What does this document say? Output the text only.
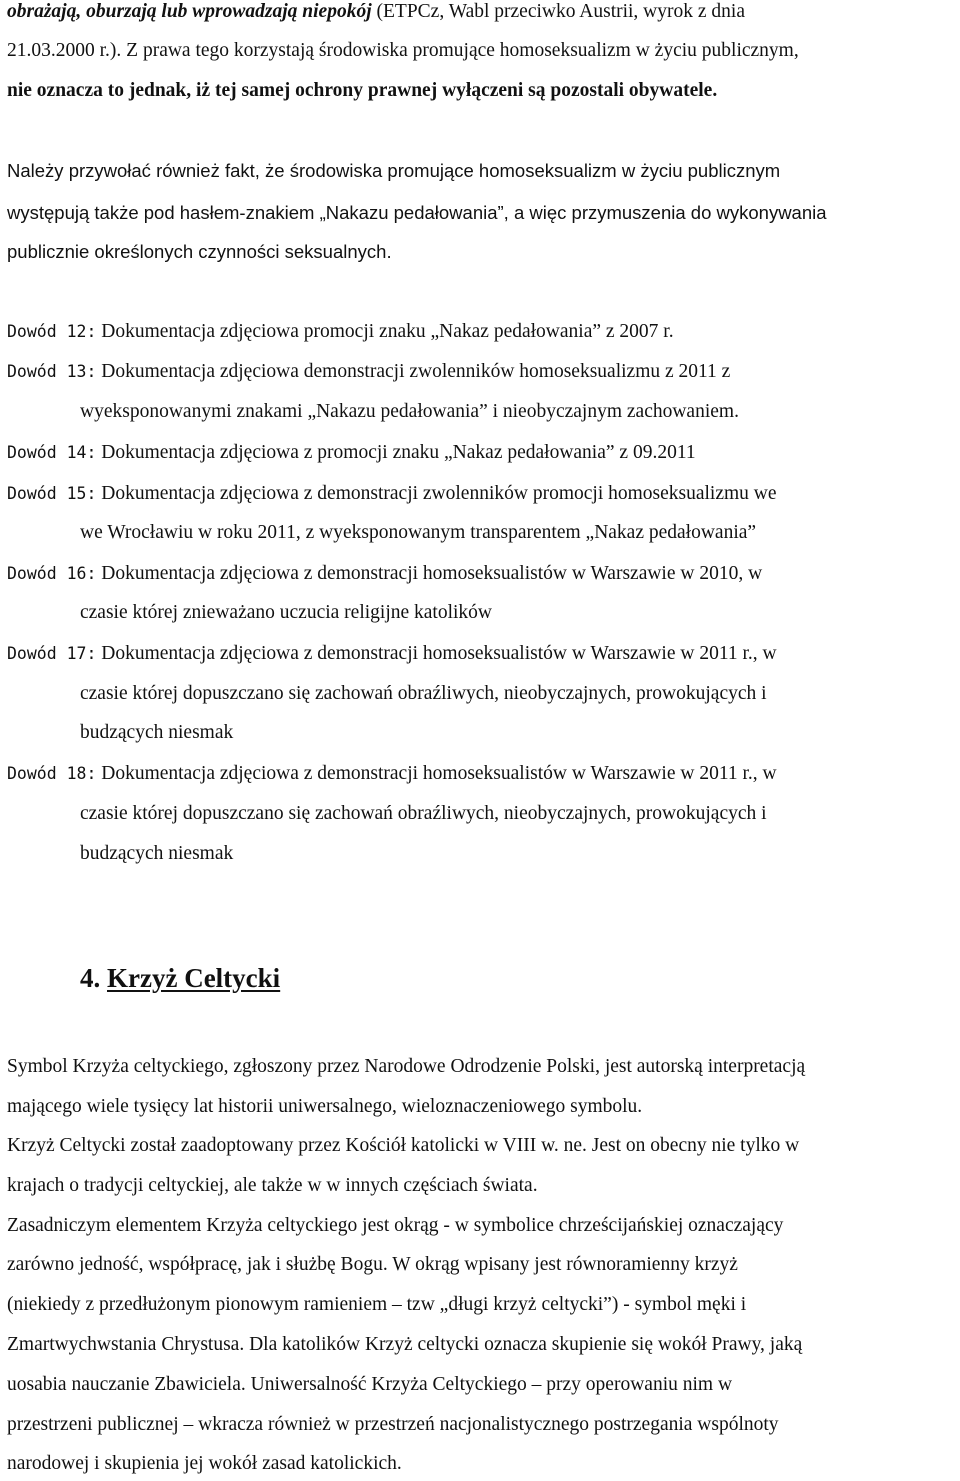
obrażają, oburzają lub wprowadzają niepokój (ETPCz, Wabl przeciwko Austrii, wyrok z dnia
21.03.2000 r.). Z prawa tego korzystają środowiska promujące homoseksualizm w życiu publicznym,
nie oznacza to jednak, iż tej samej ochrony prawnej wyłączeni są pozostali obywatele.
Należy przywołać również fakt, że środowiska promujące homoseksualizm w życiu publicznym
występują także pod hasłem-znakiem „Nakazu pedałowania”, a więc przymuszenia do wykonywania
publicznie określonych czynności seksualnych.
Dowód 12: Dokumentacja zdjęciowa promocji znaku „Nakaz pedałowania” z 2007 r.
Dowód 13: Dokumentacja zdjęciowa demonstracji zwolenników homoseksualizmu z 2011 z
wyeksponowanymi znakami „Nakazu pedałowania” i nieobyczajnym zachowaniem.
Dowód 14: Dokumentacja zdjęciowa z promocji znaku „Nakaz pedałowania” z 09.2011
Dowód 15: Dokumentacja zdjęciowa z demonstracji zwolenników promocji homoseksualizmu we
we Wrocławiu w roku 2011, z wyeksponowanym transparentem „Nakaz pedałowania”
Dowód 16: Dokumentacja zdjęciowa z demonstracji homoseksualistów w Warszawie w 2010, w
czasie której znieważano uczucia religijne katolików
Dowód 17: Dokumentacja zdjęciowa z demonstracji homoseksualistów w Warszawie w 2011 r., w
czasie której dopuszczano się zachowań obraźliwych, nieobyczajnych, prowokujących i
budzących niesmak
Dowód 18: Dokumentacja zdjęciowa z demonstracji homoseksualistów w Warszawie w 2011 r., w
czasie której dopuszczano się zachowań obraźliwych, nieobyczajnych, prowokujących i
budzących niesmak
4. Krzyż Celtycki
Symbol Krzyża celtyckiego, zgłoszony przez Narodowe Odrodzenie Polski, jest autorską interpretacją
mającego wiele tysięcy lat historii uniwersalnego, wieloznaczeniowego symbolu.
Krzyż Celtycki został zaadoptowany przez Kościół katolicki w VIII w. ne. Jest on obecny nie tylko w
krajach o tradycji celtyckiej, ale także w w innych częściach świata.
Zasadniczym elementem Krzyża celtyckiego jest okrąg - w symbolice chrześcijańskiej oznaczający
zarówno jedność, współpracę, jak i służbę Bogu. W okrąg wpisany jest równoramienny krzyż
(niekiedy z przedłużonym pionowym ramieniem – tzw „długi krzyż celtycki”) - symbol męki i
Zmartwychwstania Chrystusa. Dla katolików Krzyż celtycki oznacza skupienie się wokół Prawy, jaką
uosabia nauczanie Zbawiciela. Uniwersalność Krzyża Celtyckiego – przy operowaniu nim w
przestrzeni publicznej – wkracza również w przestrzeń nacjonalistycznego postrzegania wspólnoty
narodowej i skupienia jej wokół zasad katolickich.
